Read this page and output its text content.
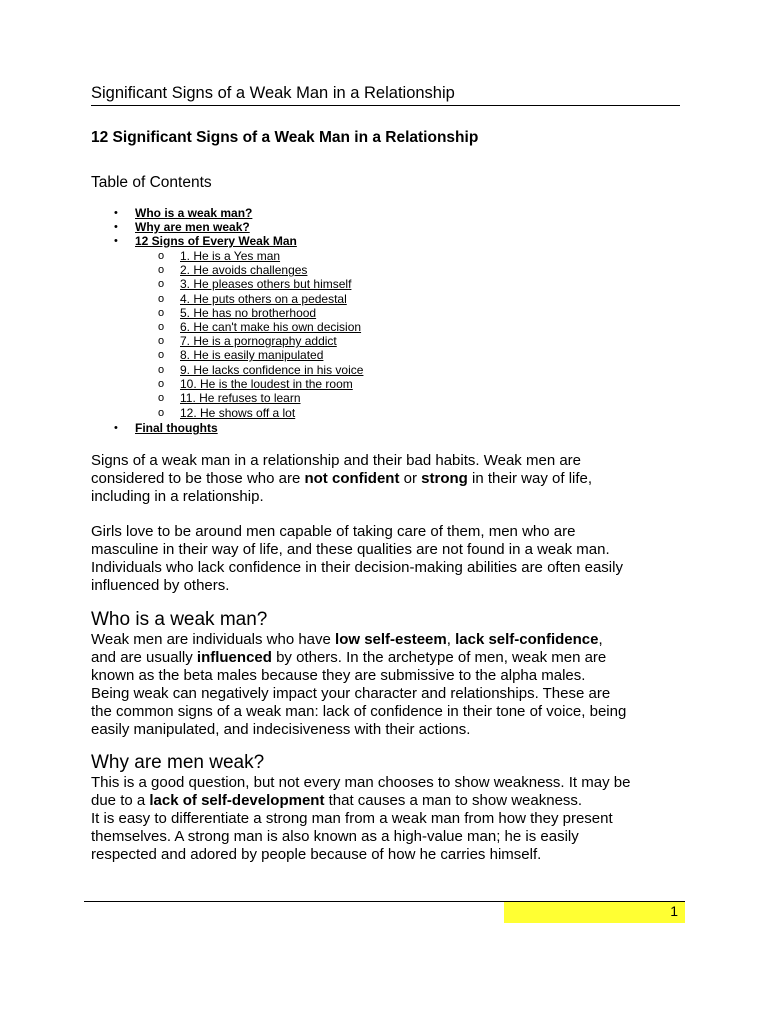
Significant Signs of a Weak Man in a Relationship
12 Significant Signs of a Weak Man in a Relationship
Table of Contents
•	Who is a weak man?
•	Why are men weak?
•	12 Signs of Every Weak Man
o	1. He is a Yes man
o	2. He avoids challenges
o	3. He pleases others but himself
o	4. He puts others on a pedestal
o	5. He has no brotherhood
o	6. He can't make his own decision
o	7. He is a pornography addict
o	8. He is easily manipulated
o	9. He lacks confidence in his voice
o	10. He is the loudest in the room
o	11. He refuses to learn
o	12. He shows off a lot
•	Final thoughts
Signs of a weak man in a relationship and their bad habits. Weak men are
considered to be those who are not confident or strong in their way of life,
including in a relationship.
Girls love to be around men capable of taking care of them, men who are
masculine in their way of life, and these qualities are not found in a weak man.
Individuals who lack confidence in their decision-making abilities are often easily
influenced by others.
Who is a weak man?
Weak men are individuals who have low self-esteem, lack self-confidence,
and are usually influenced by others. In the archetype of men, weak men are
known as the beta males because they are submissive to the alpha males.
Being weak can negatively impact your character and relationships. These are
the common signs of a weak man: lack of confidence in their tone of voice, being
easily manipulated, and indecisiveness with their actions.
Why are men weak?
This is a good question, but not every man chooses to show weakness. It may be
due to a lack of self-development that causes a man to show weakness.
It is easy to differentiate a strong man from a weak man from how they present
themselves. A strong man is also known as a high-value man; he is easily
respected and adored by people because of how he carries himself.
1
